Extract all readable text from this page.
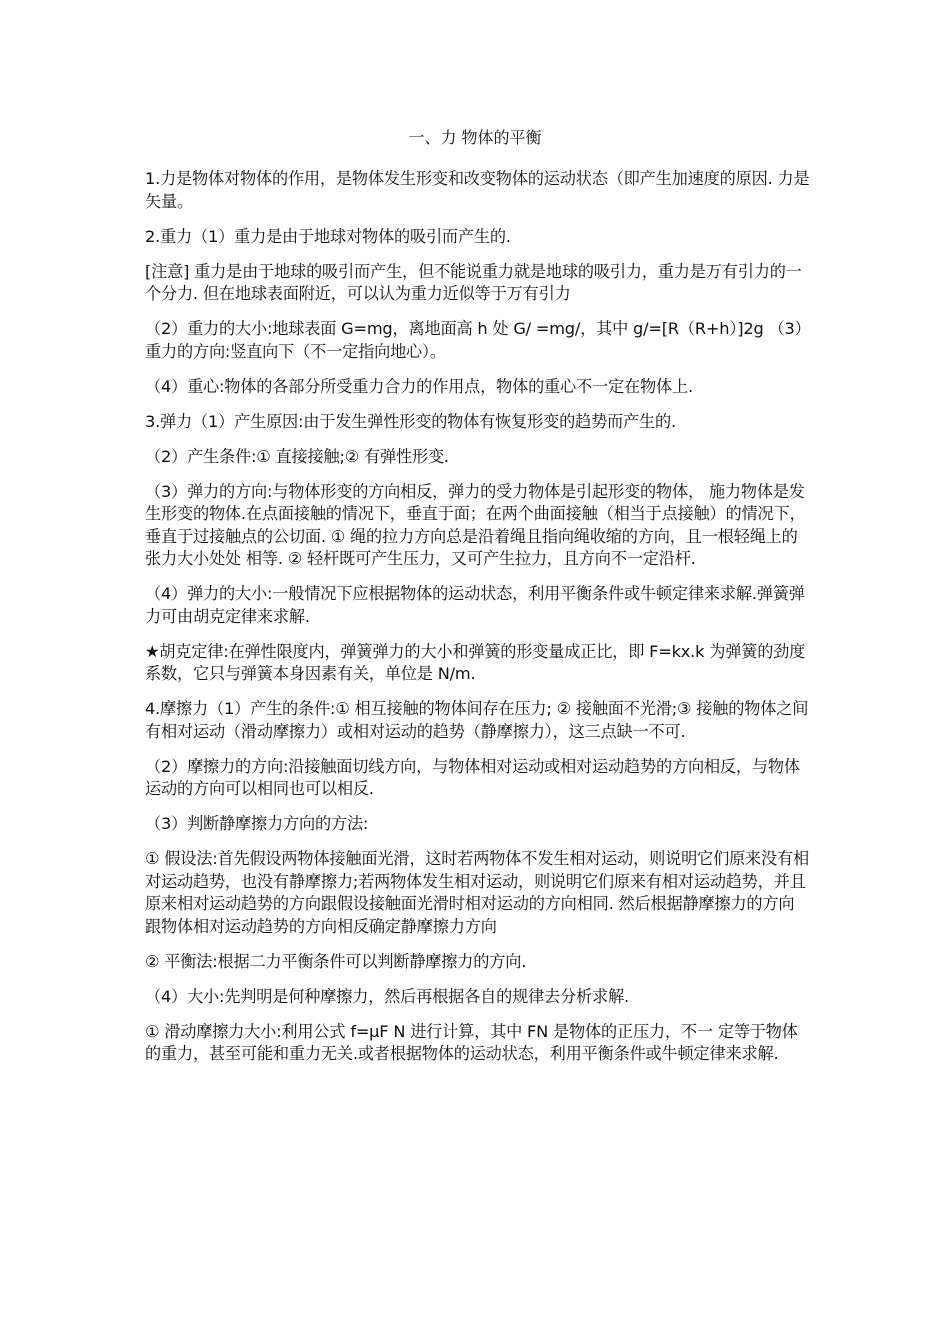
一、力 物体的平衡

1.力是物体对物体的作用，是物体发生形变和改变物体的运动状态（即产生加速度的原因. 力是矢量。

2.重力（1）重力是由于地球对物体的吸引而产生的.

[注意] 重力是由于地球的吸引而产生，但不能说重力就是地球的吸引力，重力是万有引力的一个分力. 但在地球表面附近，可以认为重力近似等于万有引力

（2）重力的大小:地球表面 G=mg，离地面高 h 处 G/ =mg/，其中 g/=[R（R+h）]2g （3）重力的方向:竖直向下（不一定指向地心）。

（4）重心:物体的各部分所受重力合力的作用点，物体的重心不一定在物体上.

3.弹力（1）产生原因:由于发生弹性形变的物体有恢复形变的趋势而产生的.

（2）产生条件:① 直接接触;② 有弹性形变.

（3）弹力的方向:与物体形变的方向相反，弹力的受力物体是引起形变的物体， 施力物体是发生形变的物体.在点面接触的情况下，垂直于面；在两个曲面接触（相当于点接触）的情况下，垂直于过接触点的公切面. ① 绳的拉力方向总是沿着绳且指向绳收缩的方向，且一根轻绳上的张力大小处处 相等. ② 轻杆既可产生压力，又可产生拉力，且方向不一定沿杆.

（4）弹力的大小:一般情况下应根据物体的运动状态，利用平衡条件或牛顿定律来求解.弹簧弹力可由胡克定律来求解.

★胡克定律:在弹性限度内，弹簧弹力的大小和弹簧的形变量成正比，即 F=kx.k 为弹簧的劲度系数，它只与弹簧本身因素有关，单位是 N/m.

4.摩擦力（1）产生的条件:① 相互接触的物体间存在压力; ② 接触面不光滑;③ 接触的物体之间有相对运动（滑动摩擦力）或相对运动的趋势（静摩擦力），这三点缺一不可.

（2）摩擦力的方向:沿接触面切线方向，与物体相对运动或相对运动趋势的方向相反，与物体运动的方向可以相同也可以相反.

（3）判断静摩擦力方向的方法:

① 假设法:首先假设两物体接触面光滑，这时若两物体不发生相对运动，则说明它们原来没有相对运动趋势，也没有静摩擦力;若两物体发生相对运动，则说明它们原来有相对运动趋势，并且原来相对运动趋势的方向跟假设接触面光滑时相对运动的方向相同. 然后根据静摩擦力的方向跟物体相对运动趋势的方向相反确定静摩擦力方向

② 平衡法:根据二力平衡条件可以判断静摩擦力的方向.

（4）大小:先判明是何种摩擦力，然后再根据各自的规律去分析求解.

① 滑动摩擦力大小:利用公式 f=μF N 进行计算，其中 FN 是物体的正压力，不一 定等于物体的重力，甚至可能和重力无关.或者根据物体的运动状态，利用平衡条件或牛顿定律来求解.
